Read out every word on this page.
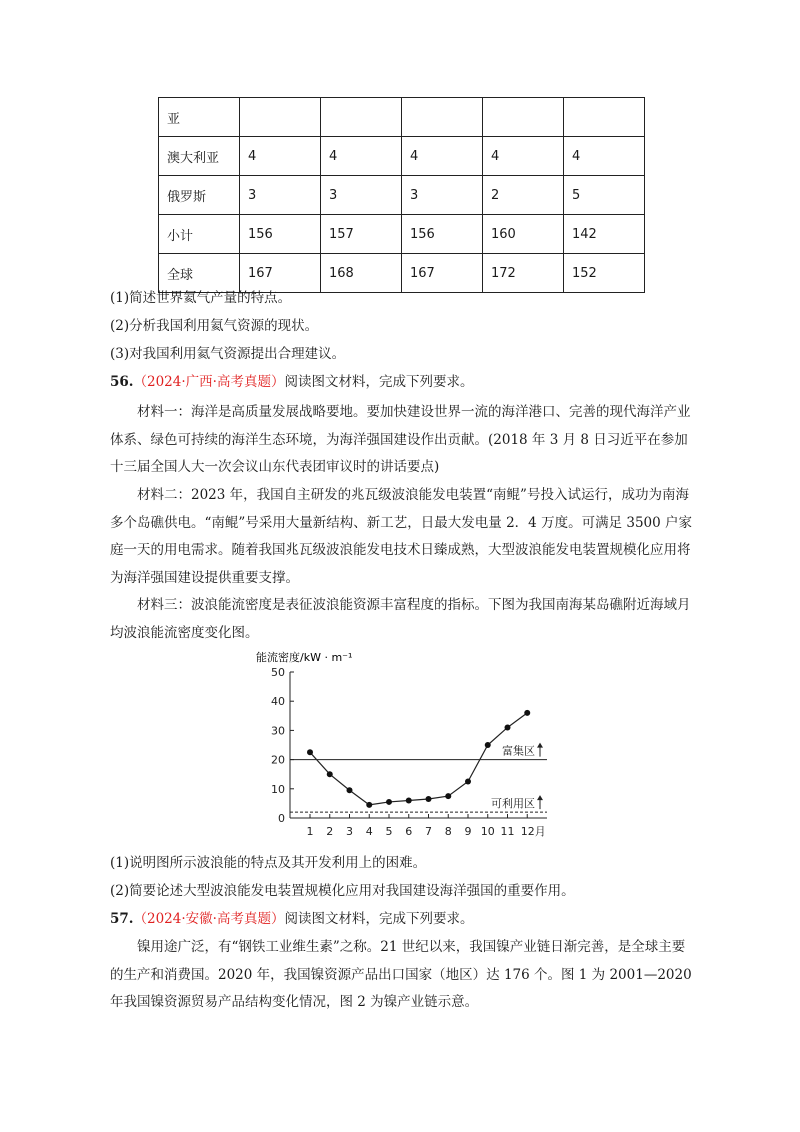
亚					
澳大利亚	4	4	4	4	4
俄罗斯	3	3	3	2	5
小计	156	157	156	160	142
全球	167	168	167	172	152
(1)简述世界氦气产量的特点。
(2)分析我国利用氦气资源的现状。
(3)对我国利用氦气资源提出合理建议。
56.（2024·广西·高考真题）阅读图文材料，完成下列要求。
材料一：海洋是高质量发展战略要地。要加快建设世界一流的海洋港口、完善的现代海洋产业体系、绿色可持续的海洋生态环境，为海洋强国建设作出贡献。(2018 年 3 月 8 日习近平在参加十三届全国人大一次会议山东代表团审议时的讲话要点)
材料二：2023 年，我国自主研发的兆瓦级波浪能发电装置“南鲲”号投入试运行，成功为南海多个岛礁供电。“南鲲”号采用大量新结构、新工艺，日最大发电量 2．4 万度。可满足 3500 户家庭一天的用电需求。随着我国兆瓦级波浪能发电技术日臻成熟，大型波浪能发电装置规模化应用将为海洋强国建设提供重要支撑。
材料三：波浪能流密度是表征波浪能资源丰富程度的指标。下图为我国南海某岛礁附近海域月均波浪能流密度变化图。
能流密度/kW · m⁻¹
0
10
20
30
40
50
1 2 3 4 5 6 7 8 9 10 11 12月
富集区
可利用区
(1)说明图所示波浪能的特点及其开发利用上的困难。
(2)简要论述大型波浪能发电装置规模化应用对我国建设海洋强国的重要作用。
57.（2024·安徽·高考真题）阅读图文材料，完成下列要求。
镍用途广泛，有“钢铁工业维生素”之称。21 世纪以来，我国镍产业链日渐完善，是全球主要的生产和消费国。2020 年，我国镍资源产品出口国家（地区）达 176 个。图 1 为 2001—2020 年我国镍资源贸易产品结构变化情况，图 2 为镍产业链示意。
